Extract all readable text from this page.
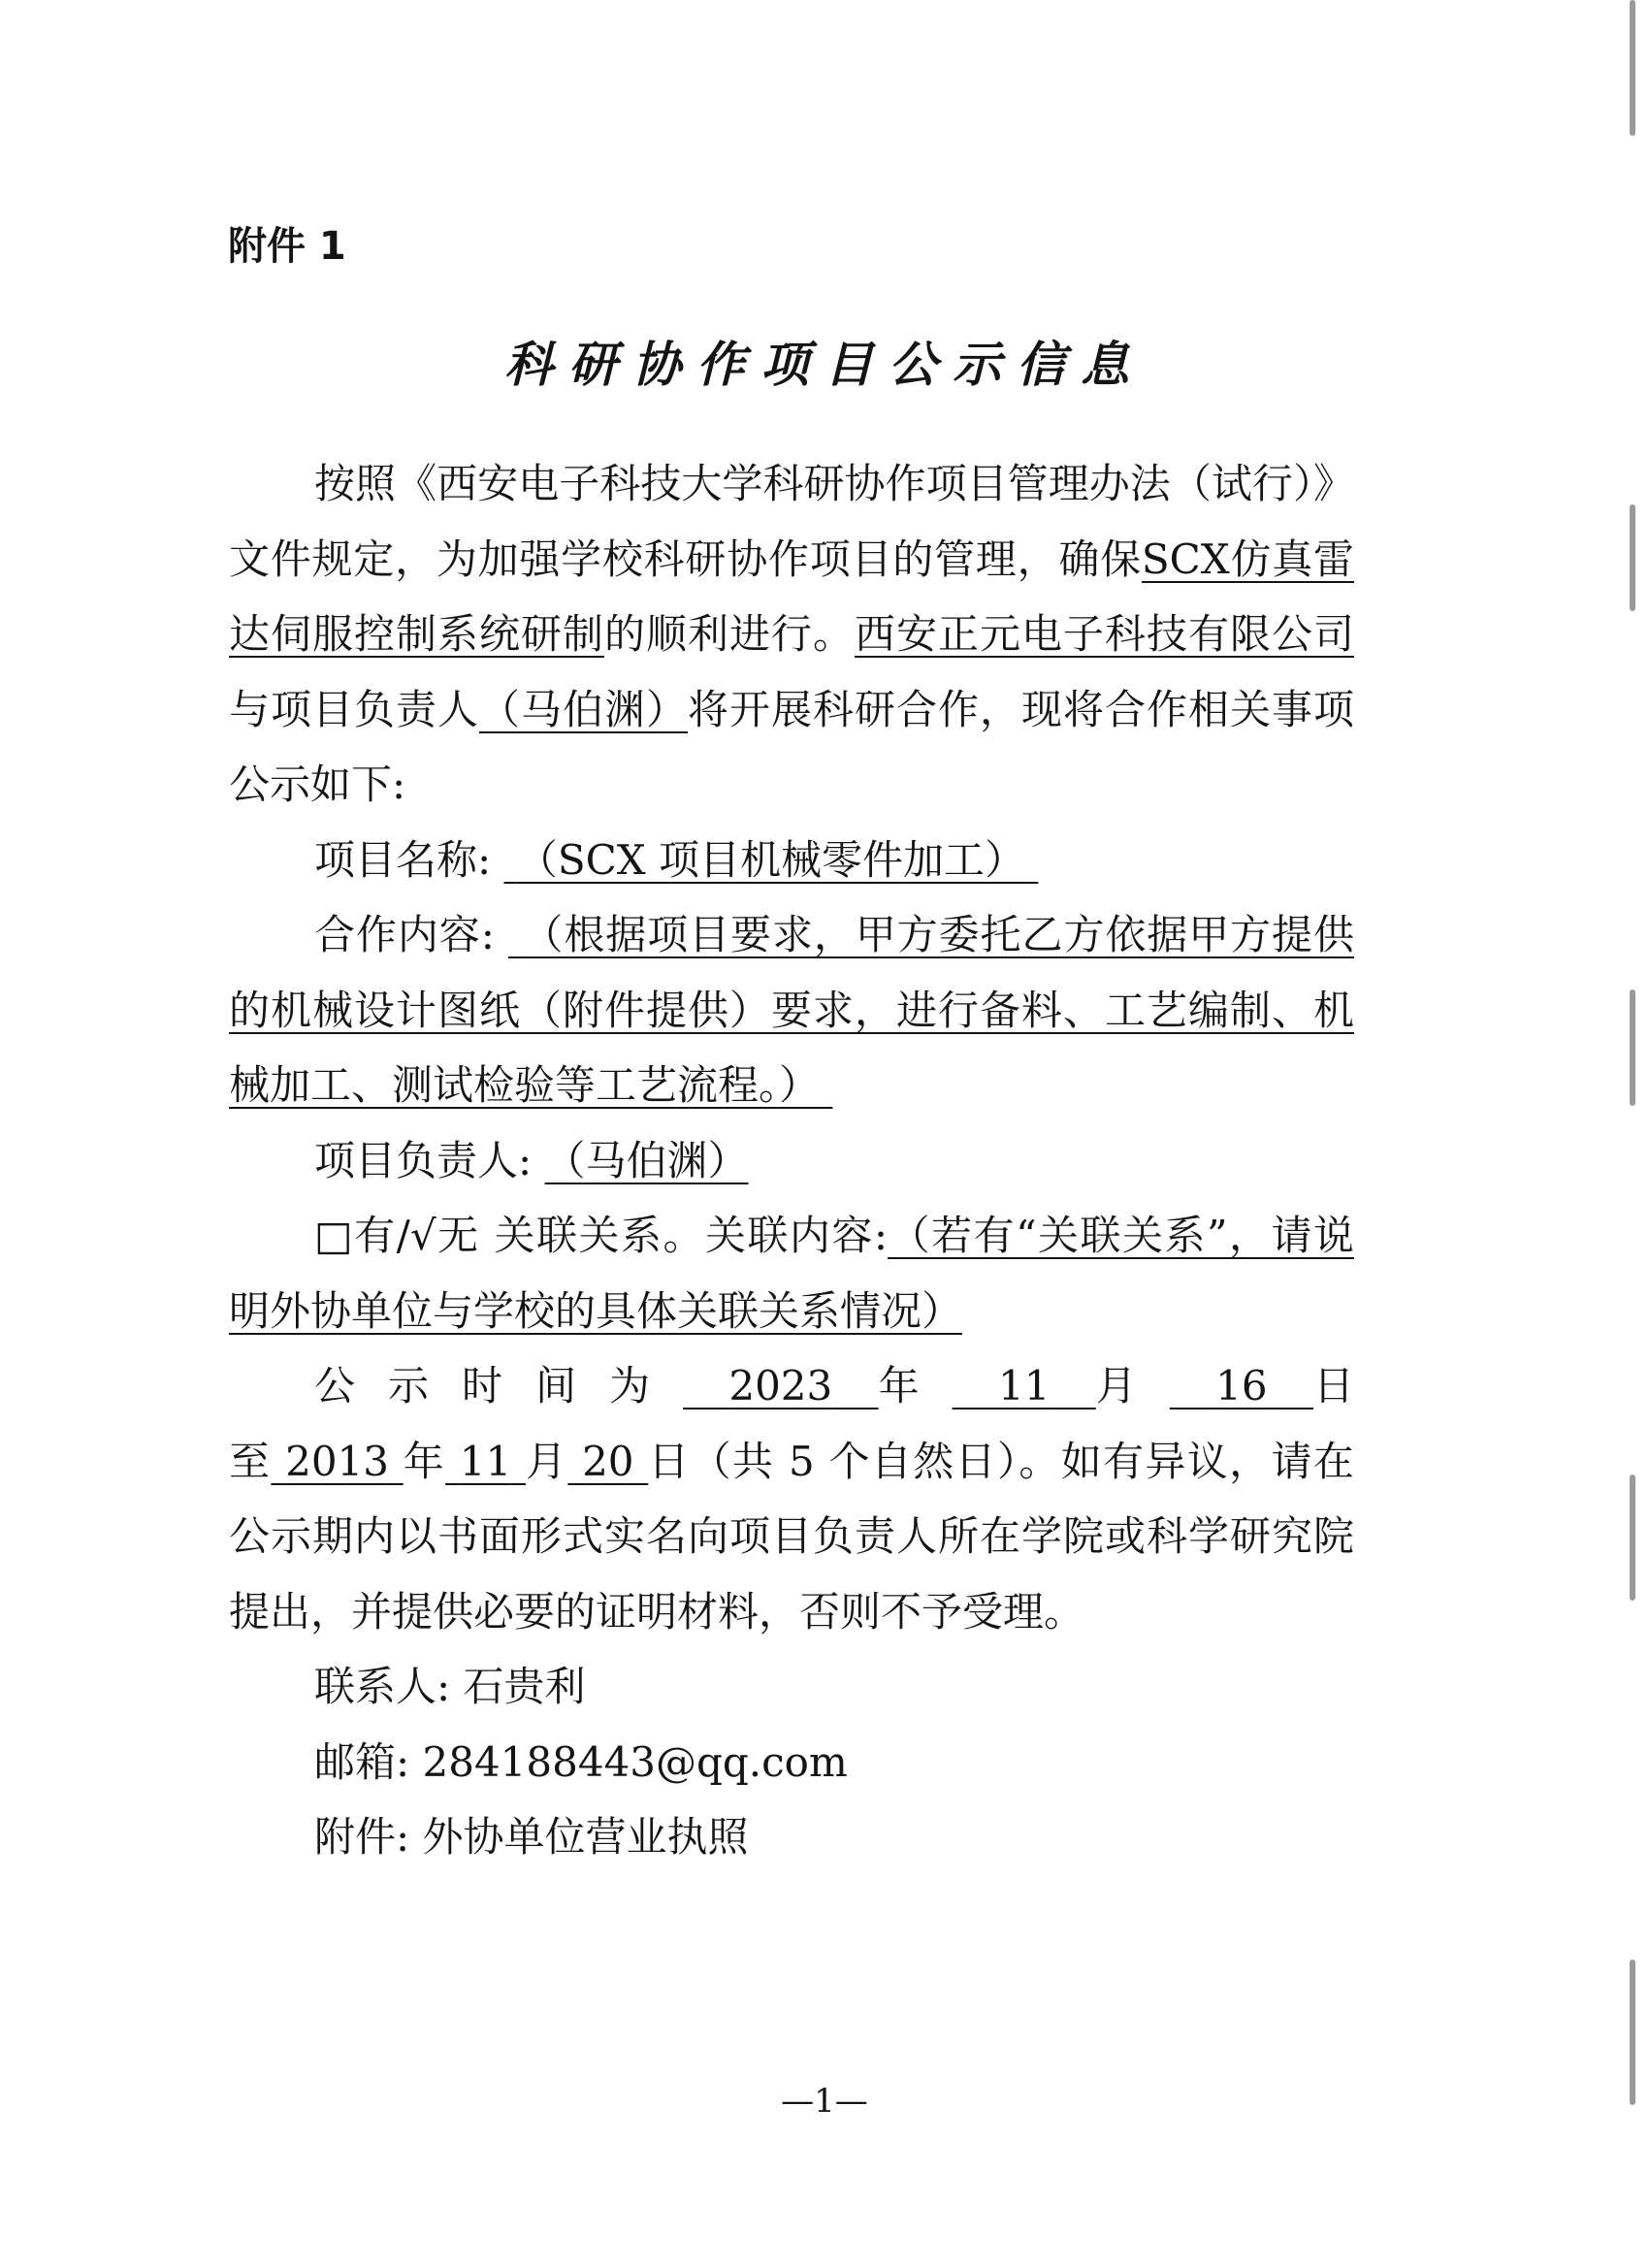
附件 1
科研协作项目公示信息

按照《西安电子科技大学科研协作项目管理办法（试行）》文件规定，为加强学校科研协作项目的管理，确保SCX仿真雷达伺服控制系统研制的顺利进行。西安正元电子科技有限公司与项目负责人（马伯渊）将开展科研合作，现将合作相关事项公示如下:

项目名称: （SCX 项目机械零件加工）

合作内容: （根据项目要求，甲方委托乙方依据甲方提供的机械设计图纸（附件提供）要求，进行备料、工艺编制、机械加工、测试检验等工艺流程。）

项目负责人: （马伯渊）

□有/√无 关联关系。关联内容:（若有“关联关系”，请说明外协单位与学校的具体关联关系情况）

公示时间为 2023 年 11 月 16 日至 2013 年 11 月 20 日（共 5 个自然日）。如有异议，请在公示期内以书面形式实名向项目负责人所在学院或科学研究院提出，并提供必要的证明材料，否则不予受理。

联系人: 石贵利

邮箱: 284188443@qq.com

附件: 外协单位营业执照

—1—
